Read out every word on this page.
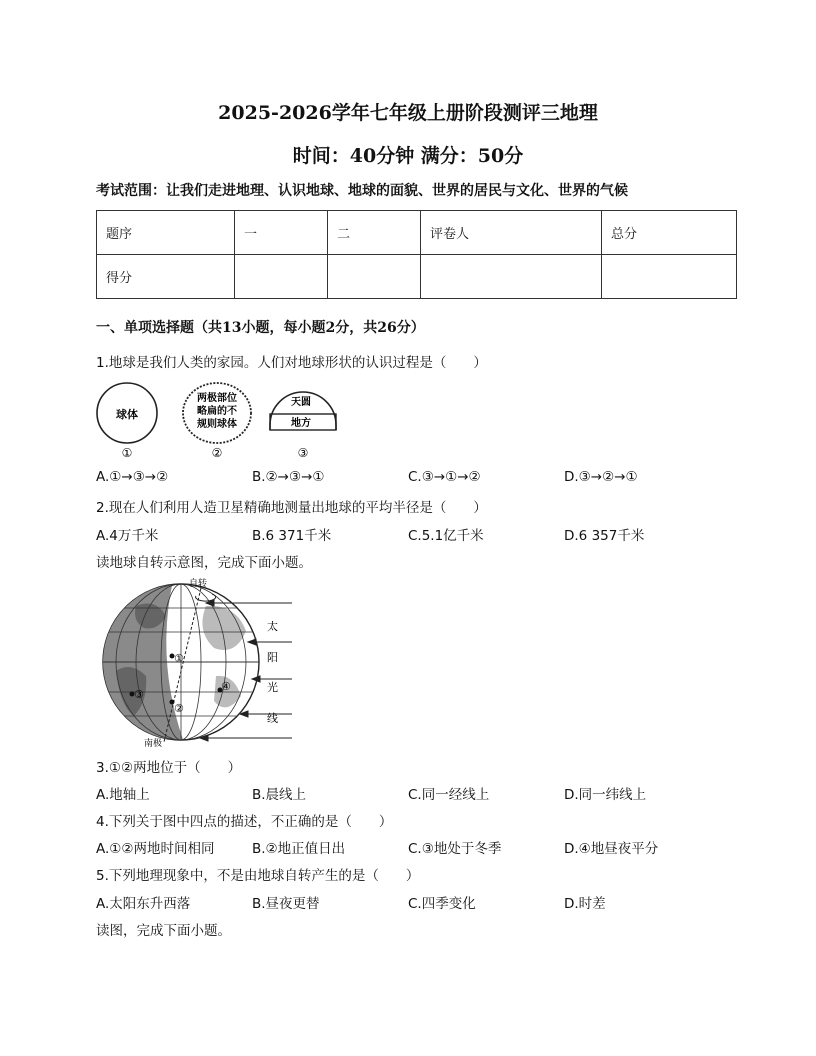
2025-2026学年七年级上册阶段测评三地理
时间：40分钟 满分：50分
考试范围：让我们走进地理、认识地球、地球的面貌、世界的居民与文化、世界的气候
题序	一	二	评卷人	总分
得分				
一、单项选择题（共13小题，每小题2分，共26分）
1.地球是我们人类的家园。人们对地球形状的认识过程是（　　）
球体
两极部位
略扁的不
规则球体
天圆
地方
①	②	③
A.①→③→②	B.②→③→①	C.③→①→②	D.③→②→①
2.现在人们利用人造卫星精确地测量出地球的平均半径是（　　）
A.4万千米	B.6 371千米	C.5.1亿千米	D.6 357千米
读地球自转示意图，完成下面小题。
自转
南极
①
②
③
④
太
阳
光
线
3.①②两地位于（　　）
A.地轴上	B.晨线上	C.同一经线上	D.同一纬线上
4.下列关于图中四点的描述，不正确的是（　　）
A.①②两地时间相同	B.②地正值日出	C.③地处于冬季	D.④地昼夜平分
5.下列地理现象中，不是由地球自转产生的是（　　）
A.太阳东升西落	B.昼夜更替	C.四季变化	D.时差
读图，完成下面小题。
